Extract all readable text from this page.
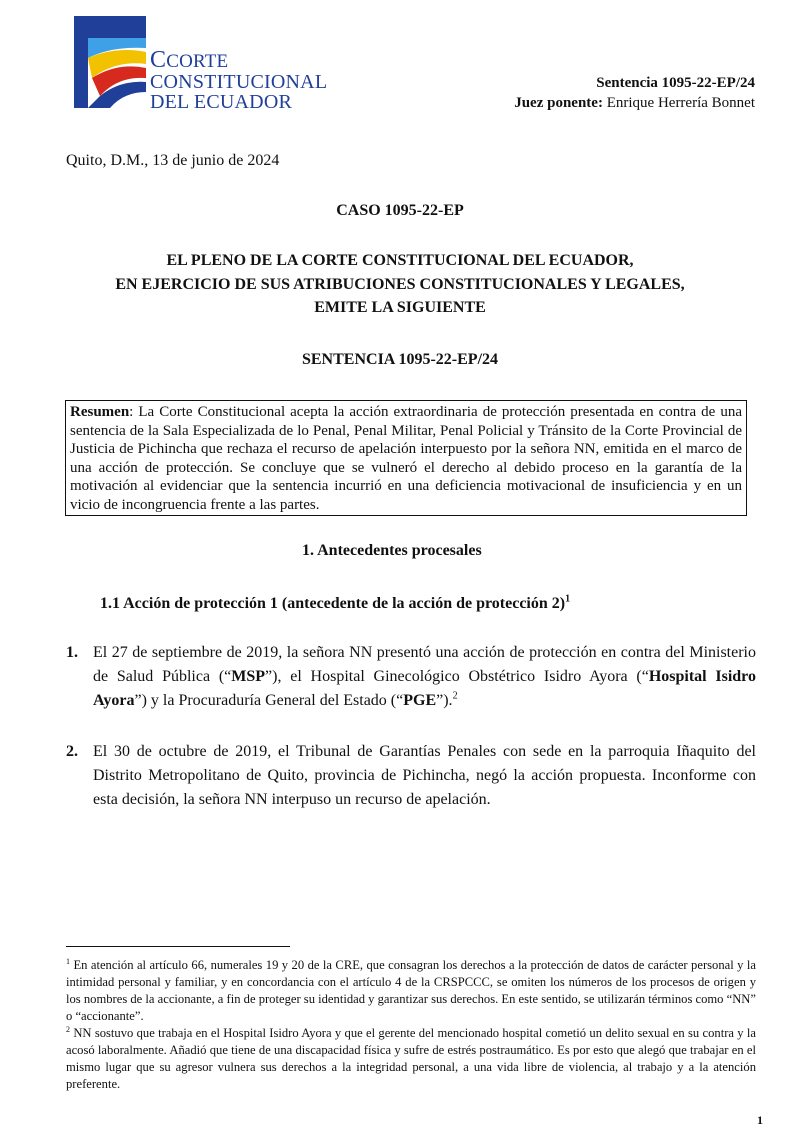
CCORTE
CONSTITUCIONAL
DEL ECUADOR
Sentencia 1095-22-EP/24
Juez ponente: Enrique Herrería Bonnet
Quito, D.M., 13 de junio de 2024
CASO 1095-22-EP
EL PLENO DE LA CORTE CONSTITUCIONAL DEL ECUADOR,
EN EJERCICIO DE SUS ATRIBUCIONES CONSTITUCIONALES Y LEGALES,
EMITE LA SIGUIENTE
SENTENCIA 1095-22-EP/24
Resumen: La Corte Constitucional acepta la acción extraordinaria de protección presentada en contra de una sentencia de la Sala Especializada de lo Penal, Penal Militar, Penal Policial y Tránsito de la Corte Provincial de Justicia de Pichincha que rechaza el recurso de apelación interpuesto por la señora NN, emitida en el marco de una acción de protección. Se concluye que se vulneró el derecho al debido proceso en la garantía de la motivación al evidenciar que la sentencia incurrió en una deficiencia motivacional de insuficiencia y en un vicio de incongruencia frente a las partes.
1. Antecedentes procesales
1.1 Acción de protección 1 (antecedente de la acción de protección 2)$^1$
1. El 27 de septiembre de 2019, la señora NN presentó una acción de protección en contra del Ministerio de Salud Pública (“MSP”), el Hospital Ginecológico Obstétrico Isidro Ayora (“Hospital Isidro Ayora”) y la Procuraduría General del Estado (“PGE”).$^2$
2. El 30 de octubre de 2019, el Tribunal de Garantías Penales con sede en la parroquia Iñaquito del Distrito Metropolitano de Quito, provincia de Pichincha, negó la acción propuesta. Inconforme con esta decisión, la señora NN interpuso un recurso de apelación.

$^1$ En atención al artículo 66, numerales 19 y 20 de la CRE, que consagran los derechos a la protección de datos de carácter personal y la intimidad personal y familiar, y en concordancia con el artículo 4 de la CRSPCCC, se omiten los números de los procesos de origen y los nombres de la accionante, a fin de proteger su identidad y garantizar sus derechos. En este sentido, se utilizarán términos como “NN” o “accionante”.

$^2$ NN sostuvo que trabaja en el Hospital Isidro Ayora y que el gerente del mencionado hospital cometió un delito sexual en su contra y la acosó laboralmente. Añadió que tiene de una discapacidad física y sufre de estrés postraumático. Es por esto que alegó que trabajar en el mismo lugar que su agresor vulnera sus derechos a la integridad personal, a una vida libre de violencia, al trabajo y a la atención preferente.

1
